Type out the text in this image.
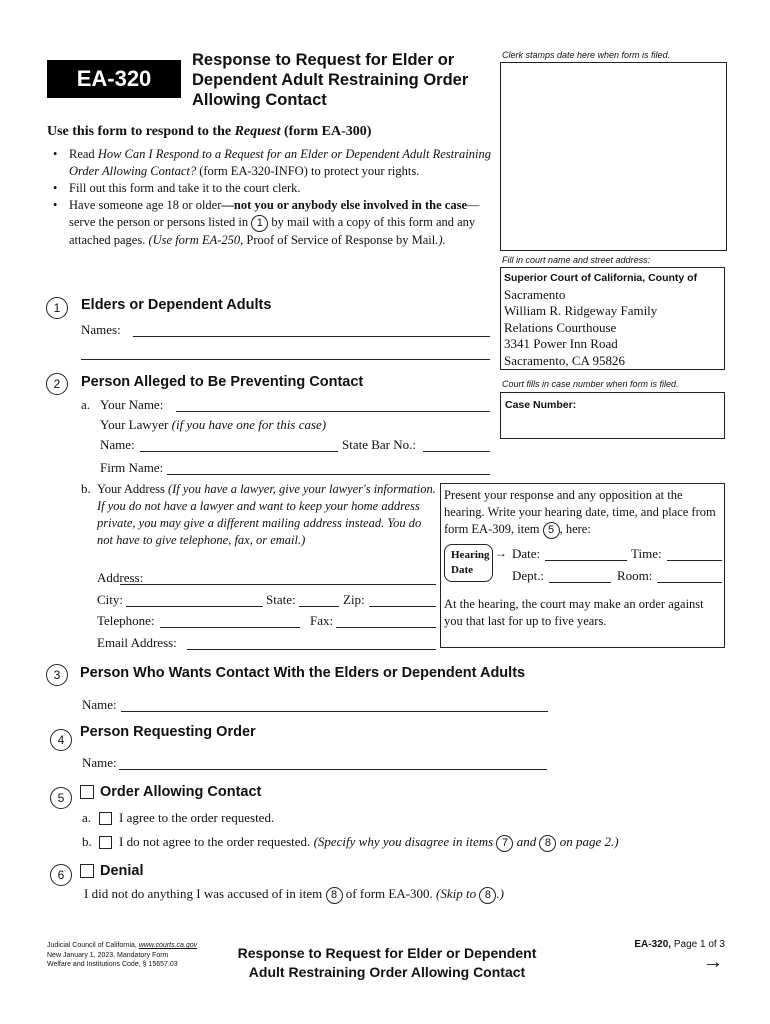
EA-320
Response to Request for Elder or
Dependent Adult Restraining Order
Allowing Contact
Clerk stamps date here when form is filed.
Fill in court name and street address:
Superior Court of California, County of
Sacramento
William R. Ridgeway Family
Relations Courthouse
3341 Power Inn Road
Sacramento, CA 95826
Court fills in case number when form is filed.
Case Number:
Use this form to respond to the Request (form EA-300)
• Read How Can I Respond to a Request for an Elder or Dependent Adult Restraining Order Allowing Contact? (form EA-320-INFO) to protect your rights.
• Fill out this form and take it to the court clerk.
• Have someone age 18 or older—not you or anybody else involved in the case—serve the person or persons listed in 1 by mail with a copy of this form and any attached pages. (Use form EA-250, Proof of Service of Response by Mail.).
1	Elders or Dependent Adults
Names:
2	Person Alleged to Be Preventing Contact
a. Your Name:
Your Lawyer (if you have one for this case)
Name:	State Bar No.:
Firm Name:
b. Your Address (If you have a lawyer, give your lawyer's information. If you do not have a lawyer and want to keep your home address private, you may give a different mailing address instead. You do not have to give telephone, fax, or email.)
Address:
City:	State:	Zip:
Telephone:	Fax:
Email Address:
Present your response and any opposition at the hearing. Write your hearing date, time, and place from form EA-309, item 5 , here:
Hearing
Date
→ Date:	Time:
Dept.:	Room:
At the hearing, the court may make an order against you that last for up to five years.
3	Person Who Wants Contact With the Elders or Dependent Adults
Name:
4	Person Requesting Order
Name:
5	Order Allowing Contact
a. I agree to the order requested.
b. I do not agree to the order requested. (Specify why you disagree in items 7 and 8 on page 2.)
6	Denial
I did not do anything I was accused of in item 8 of form EA-300. (Skip to 8 .)
Judicial Council of California, www.courts.ca.gov
New January 1, 2023, Mandatory Form
Welfare and Institutions Code, § 15657.03
Response to Request for Elder or Dependent
Adult Restraining Order Allowing Contact
EA-320, Page 1 of 3
→
